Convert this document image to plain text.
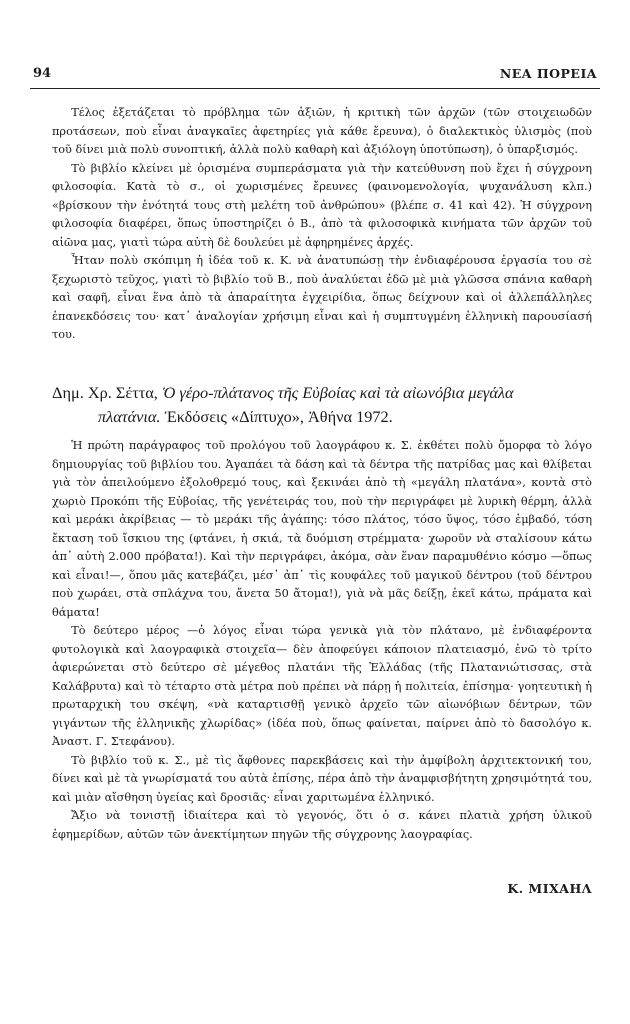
94	ΝΕΑ ΠΟΡΕΙΑ

Τέλος ἐξετάζεται τὸ πρόβλημα τῶν ἀξιῶν, ἡ κριτικὴ τῶν ἀρχῶν (τῶν στοιχειωδῶν προτάσεων, ποὺ εἶναι ἀναγκαῖες ἀφετηρίες γιὰ κάθε ἔρευνα), ὁ διαλεκτικὸς ὑλισμὸς (ποὺ τοῦ δίνει μιὰ πολὺ συνοπτική, ἀλλὰ πολὺ καθαρὴ καὶ ἀξιόλογη ὑποτύπωση), ὁ ὑπαρξισμός.

Τὸ βιβλίο κλείνει μὲ ὁρισμένα συμπεράσματα γιὰ τὴν κατεύθυνση ποὺ ἔχει ἡ σύγχρονη φιλοσοφία. Κατὰ τὸ σ., οἱ χωρισμένες ἔρευνες (φαινομενολογία, ψυχανάλυση κλπ.) «βρίσκουν τὴν ἑνότητά τους στὴ μελέτη τοῦ ἀνθρώπου» (βλέπε σ. 41 καὶ 42). Ἡ σύγχρονη φιλοσοφία διαφέρει, ὅπως ὑποστηρίζει ὁ Β., ἀπὸ τὰ φιλοσοφικὰ κινήματα τῶν ἀρχῶν τοῦ αἰῶνα μας, γιατὶ τώρα αὐτὴ δὲ δουλεύει μὲ ἀφηρημένες ἀρχές.

Ἦταν πολὺ σκόπιμη ἡ ἰδέα τοῦ κ. Κ. νὰ ἀνατυπώσῃ τὴν ἐνδιαφέρουσα ἐργασία του σὲ ξεχωριστὸ τεῦχος, γιατὶ τὸ βιβλίο τοῦ Β., ποὺ ἀναλύεται ἐδῶ μὲ μιὰ γλῶσσα σπάνια καθαρὴ καὶ σαφῆ, εἶναι ἕνα ἀπὸ τὰ ἀπαραίτητα ἐγχειρίδια, ὅπως δείχνουν καὶ οἱ ἀλλεπάλληλες ἐπανεκδόσεις του· κατ᾽ ἀναλογίαν χρήσιμη εἶναι καὶ ἡ συμπτυγμένη ἑλληνικὴ παρουσίασή του.

Δημ. Χρ. Σέττα, Ὁ γέρο-πλάτανος τῆς Εὐβοίας καὶ τὰ αἰωνόβια μεγάλα
πλατάνια. Ἐκδόσεις «Δίπτυχο», Ἀθήνα 1972.

Ἡ πρώτη παράγραφος τοῦ προλόγου τοῦ λαογράφου κ. Σ. ἐκθέτει πολὺ ὄμορφα τὸ λόγο δημιουργίας τοῦ βιβλίου του. Ἀγαπάει τὰ δάση καὶ τὰ δέντρα τῆς πατρίδας μας καὶ θλίβεται γιὰ τὸν ἀπειλούμενο ἐξολοθρεμό τους, καὶ ξεκινάει ἀπὸ τὴ «μεγάλη πλατάνα», κοντὰ στὸ χωριὸ Προκόπι τῆς Εὐβοίας, τῆς γενέτειράς του, ποὺ τὴν περιγράφει μὲ λυρικὴ θέρμη, ἀλλὰ καὶ μεράκι ἀκρίβειας — τὸ μεράκι τῆς ἀγάπης: τόσο πλάτος, τόσο ὕψος, τόσο ἐμβαδό, τόση ἔκταση τοῦ ἴσκιου της (φτάνει, ἡ σκιά, τὰ δυόμιση στρέμματα· χωροῦν νὰ σταλίσουν κάτω ἀπ᾽ αὐτὴ 2.000 πρόβατα!). Καὶ τὴν περιγράφει, ἀκόμα, σὰν ἕναν παραμυθένιο κόσμο —ὅπως καὶ εἶναι!—, ὅπου μᾶς κατεβάζει, μέσ᾽ ἀπ᾽ τὶς κουφάλες τοῦ μαγικοῦ δέντρου (τοῦ δέντρου ποὺ χωράει, στὰ σπλάχνα του, ἄνετα 50 ἄτομα!), γιὰ νὰ μᾶς δείξῃ, ἐκεῖ κάτω, πράματα καὶ θάματα!

Τὸ δεύτερο μέρος —ὁ λόγος εἶναι τώρα γενικὰ γιὰ τὸν πλάτανο, μὲ ἐνδιαφέροντα φυτολογικὰ καὶ λαογραφικὰ στοιχεῖα— δὲν ἀποφεύγει κάποιον πλατειασμό, ἐνῶ τὸ τρίτο ἀφιερώνεται στὸ δεύτερο σὲ μέγεθος πλατάνι τῆς Ἑλλάδας (τῆς Πλατανιώτισσας, στὰ Καλάβρυτα) καὶ τὸ τέταρτο στὰ μέτρα ποὺ πρέπει νὰ πάρῃ ἡ πολιτεία, ἐπίσημα· γοητευτικὴ ἡ πρωταρχικὴ του σκέψη, «νὰ καταρτισθῇ γενικὸ ἀρχεῖο τῶν αἰωνόβιων δέντρων, τῶν γιγάντων τῆς ἑλληνικῆς χλωρίδας» (ἰδέα ποὺ, ὅπως φαίνεται, παίρνει ἀπὸ τὸ δασολόγο κ. Ἀναστ. Γ. Στεφάνου).

Τὸ βιβλίο τοῦ κ. Σ., μὲ τὶς ἄφθονες παρεκβάσεις καὶ τὴν ἀμφίβολη ἀρχιτεκτονική του, δίνει καὶ μὲ τὰ γνωρίσματά του αὐτὰ ἐπίσης, πέρα ἀπὸ τὴν ἀναμφισβήτητη χρησιμότητά του, καὶ μιὰν αἴσθηση ὑγείας καὶ δροσιᾶς· εἶναι χαριτωμένα ἑλληνικό.

Ἄξιο νὰ τονιστῇ ἰδιαίτερα καὶ τὸ γεγονός, ὅτι ὁ σ. κάνει πλατιὰ χρήση ὑλικοῦ ἐφημερίδων, αὐτῶν τῶν ἀνεκτίμητων πηγῶν τῆς σύγχρονης λαογραφίας.

Κ. ΜΙΧΑΗΛ
